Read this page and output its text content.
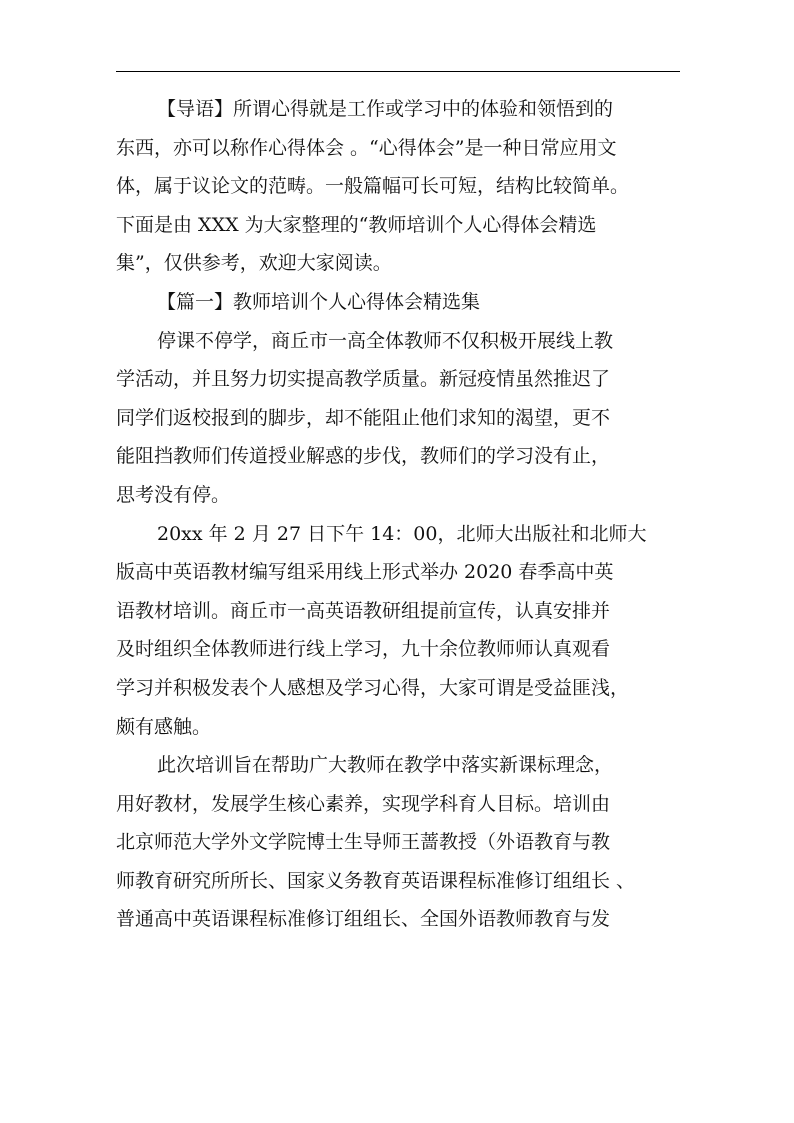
【导语】所谓心得就是工作或学习中的体验和领悟到的
东西，亦可以称作心得体会 。“心得体会”是一种日常应用文
体，属于议论文的范畴。一般篇幅可长可短，结构比较简单。
下面是由 XXX 为大家整理的“教师培训个人心得体会精选
集”，仅供参考，欢迎大家阅读。
【篇一】教师培训个人心得体会精选集
停课不停学，商丘市一高全体教师不仅积极开展线上教
学活动，并且努力切实提高教学质量。新冠疫情虽然推迟了
同学们返校报到的脚步，却不能阻止他们求知的渴望，更不
能阻挡教师们传道授业解惑的步伐，教师们的学习没有止，
思考没有停。
20xx 年 2 月 27 日下午 14：00，北师大出版社和北师大
版高中英语教材编写组采用线上形式举办 2020 春季高中英
语教材培训。商丘市一高英语教研组提前宣传，认真安排并
及时组织全体教师进行线上学习，九十余位教师师认真观看
学习并积极发表个人感想及学习心得，大家可谓是受益匪浅，
颇有感触。
此次培训旨在帮助广大教师在教学中落实新课标理念，
用好教材，发展学生核心素养，实现学科育人目标。培训由
北京师范大学外文学院博士生导师王蔷教授（外语教育与教
师教育研究所所长、国家义务教育英语课程标准修订组组长 、
普通高中英语课程标准修订组组长、全国外语教师教育与发
